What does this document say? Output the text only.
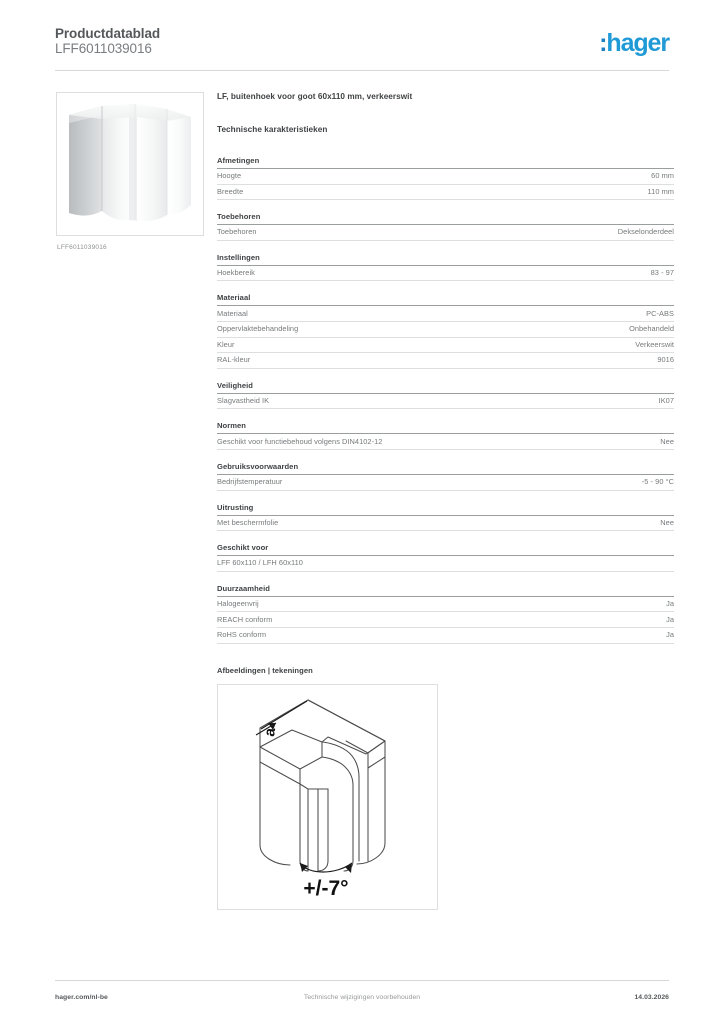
Productdatablad
LFF6011039016	:hager
LFF6011039016
LF, buitenhoek voor goot 60x110 mm, verkeerswit
Technische karakteristieken
Afmetingen
Hoogte	60 mm
Breedte	110 mm
Toebehoren
Toebehoren	Dekselonderdeel
Instellingen
Hoekbereik	83 - 97
Materiaal
Materiaal	PC-ABS
Oppervlaktebehandeling	Onbehandeld
Kleur	Verkeerswit
RAL-kleur	9016
Veiligheid
Slagvastheid IK	IK07
Normen
Geschikt voor functiebehoud volgens DIN4102-12	Nee
Gebruiksvoorwaarden
Bedrijfstemperatuur	-5 - 90 °C
Uitrusting
Met beschermfolie	Nee
Geschikt voor
LFF 60x110 / LFH 60x110
Duurzaamheid
Halogeenvrij	Ja
REACH conform	Ja
RoHS conform	Ja
Afbeeldingen | tekeningen
a
+/-7°
hager.com/nl-be	Technische wijzigingen voorbehouden	14.03.2026
